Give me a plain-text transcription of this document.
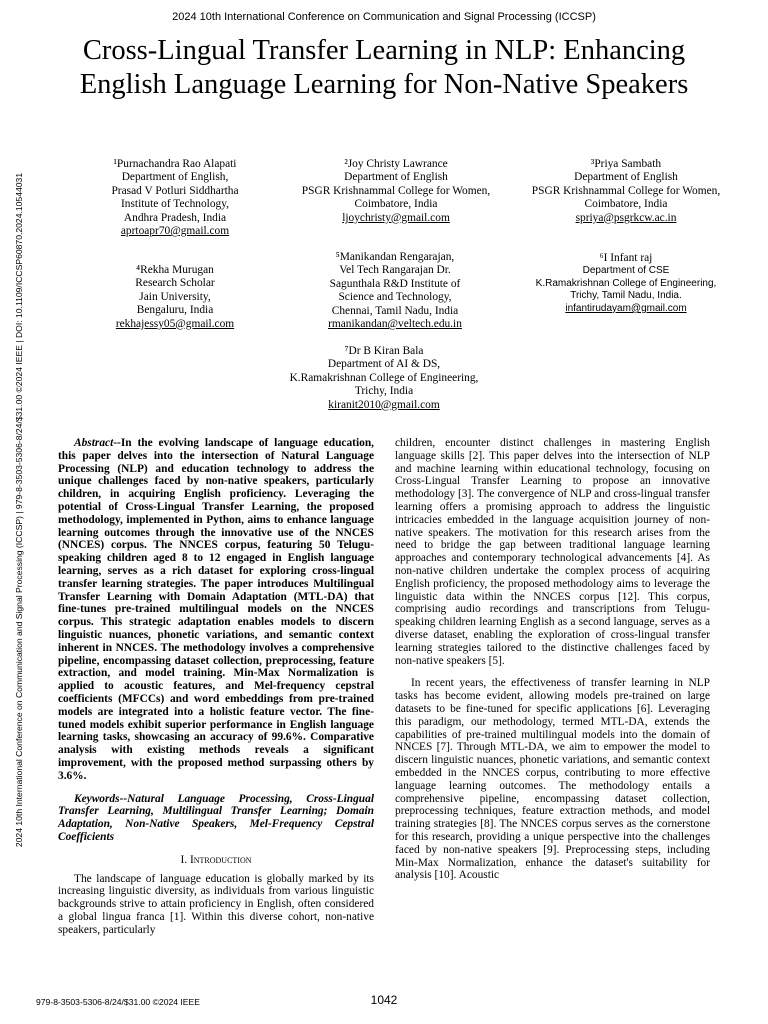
2024 10th International Conference on Communication and Signal Processing (ICCSP)
Cross-Lingual Transfer Learning in NLP: Enhancing English Language Learning for Non-Native Speakers
2024 10th International Conference on Communication and Signal Processing (ICCSP) | 979-8-3503-5306-8/24/$31.00 ©2024 IEEE | DOI: 10.1109/ICCSP60870.2024.10544031
¹Purnachandra Rao Alapati
Department of English,
Prasad V Potluri Siddhartha
Institute of Technology,
Andhra Pradesh, India
aprtoapr70@gmail.com
²Joy Christy Lawrance
Department of English
PSGR Krishnammal College for Women,
Coimbatore, India
ljoychristy@gmail.com
³Priya Sambath
Department of English
PSGR Krishnammal College for Women,
Coimbatore, India
spriya@psgrkcw.ac.in
⁴Rekha Murugan
Research Scholar
Jain University,
Bengaluru, India
rekhajessy05@gmail.com
⁵Manikandan Rengarajan,
Vel Tech Rangarajan Dr.
Sagunthala R&D Institute of
Science and Technology,
Chennai, Tamil Nadu, India
rmanikandan@veltech.edu.in
⁶I Infant raj
Department of CSE
K.Ramakrishnan College of Engineering,
Trichy, Tamil Nadu, India.
infantirudayam@gmail.com
⁷Dr B Kiran Bala
Department of AI & DS,
K.Ramakrishnan College of Engineering,
Trichy, India
kiranit2010@gmail.com

Abstract--In the evolving landscape of language education, this paper delves into the intersection of Natural Language Processing (NLP) and education technology to address the unique challenges faced by non-native speakers, particularly children, in acquiring English proficiency. Leveraging the potential of Cross-Lingual Transfer Learning, the proposed methodology, implemented in Python, aims to enhance language learning outcomes through the innovative use of the NNCES (NNCES) corpus. The NNCES corpus, featuring 50 Telugu-speaking children aged 8 to 12 engaged in English language learning, serves as a rich dataset for exploring cross-lingual transfer learning strategies. The paper introduces Multilingual Transfer Learning with Domain Adaptation (MTL-DA) that fine-tunes pre-trained multilingual models on the NNCES corpus. This strategic adaptation enables models to discern linguistic nuances, phonetic variations, and semantic context inherent in NNCES. The methodology involves a comprehensive pipeline, encompassing dataset collection, preprocessing, feature extraction, and model training. Min-Max Normalization is applied to acoustic features, and Mel-frequency cepstral coefficients (MFCCs) and word embeddings from pre-trained models are integrated into a holistic feature vector. The fine-tuned models exhibit superior performance in English language learning tasks, showcasing an accuracy of 99.6%. Comparative analysis with existing methods reveals a significant improvement, with the proposed method surpassing others by 3.6%.

Keywords--Natural Language Processing, Cross-Lingual Transfer Learning, Multilingual Transfer Learning; Domain Adaptation, Non-Native Speakers, Mel-Frequency Cepstral Coefficients

I. Introduction

The landscape of language education is globally marked by its increasing linguistic diversity, as individuals from various linguistic backgrounds strive to attain proficiency in English, often considered a global lingua franca [1]. Within this diverse cohort, non-native speakers, particularly

children, encounter distinct challenges in mastering English language skills [2]. This paper delves into the intersection of NLP and machine learning within educational technology, focusing on Cross-Lingual Transfer Learning to propose an innovative methodology [3]. The convergence of NLP and cross-lingual transfer learning offers a promising approach to address the linguistic intricacies embedded in the language acquisition journey of non-native speakers. The motivation for this research arises from the need to bridge the gap between traditional language learning approaches and contemporary technological advancements [4]. As non-native children undertake the complex process of acquiring English proficiency, the proposed methodology aims to leverage the linguistic data within the NNCES corpus [12]. This corpus, comprising audio recordings and transcriptions from Telugu-speaking children learning English as a second language, serves as a diverse dataset, enabling the exploration of cross-lingual transfer learning strategies tailored to the distinctive challenges faced by non-native speakers [5].

In recent years, the effectiveness of transfer learning in NLP tasks has become evident, allowing models pre-trained on large datasets to be fine-tuned for specific applications [6]. Leveraging this paradigm, our methodology, termed MTL-DA, extends the capabilities of pre-trained multilingual models into the domain of NNCES [7]. Through MTL-DA, we aim to empower the model to discern linguistic nuances, phonetic variations, and semantic context embedded in the NNCES corpus, contributing to more effective language learning outcomes. The methodology entails a comprehensive pipeline, encompassing dataset collection, preprocessing techniques, feature extraction methods, and model training strategies [8]. The NNCES corpus serves as the cornerstone for this research, providing a unique perspective into the challenges faced by non-native speakers [9]. Preprocessing steps, including Min-Max Normalization, enhance the dataset's suitability for analysis [10]. Acoustic

979-8-3503-5306-8/24/$31.00 ©2024 IEEE	1042
